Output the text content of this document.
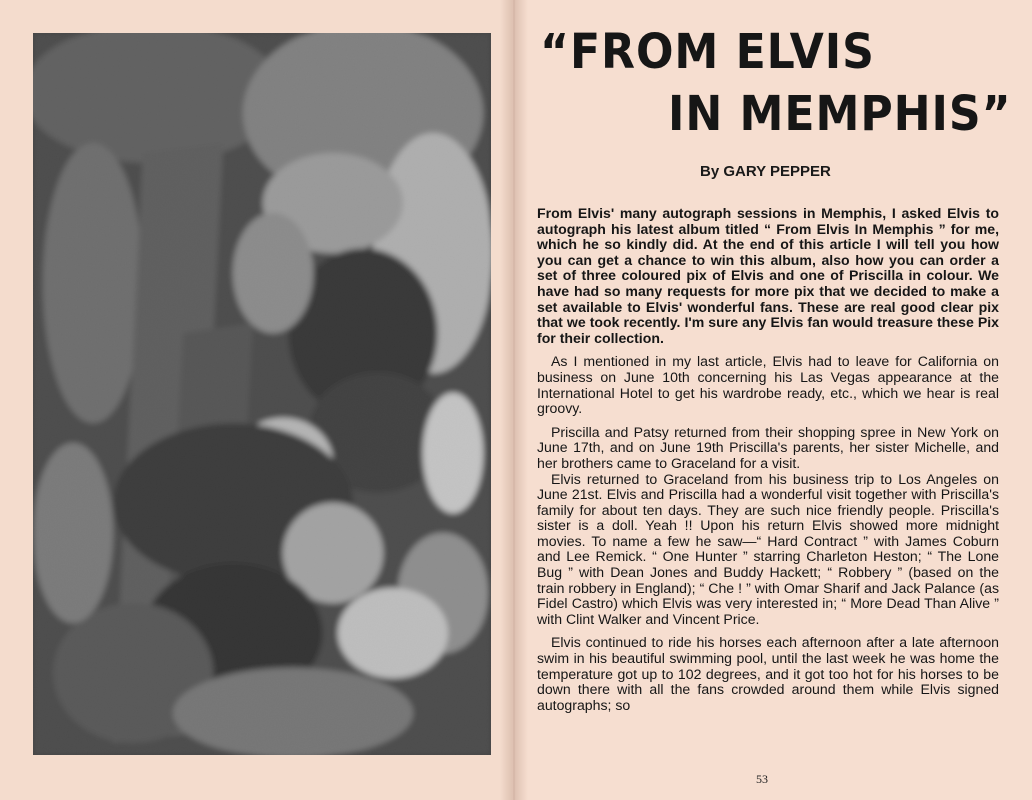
“FROM ELVIS
IN MEMPHIS”

By GARY PEPPER

From Elvis' many autograph sessions in Memphis, I asked Elvis to autograph his latest album titled “ From Elvis In Memphis ” for me, which he so kindly did. At the end of this article I will tell you how you can get a chance to win this album, also how you can order a set of three coloured pix of Elvis and one of Priscilla in colour. We have had so many requests for more pix that we decided to make a set available to Elvis' wonderful fans. These are real good clear pix that we took recently. I'm sure any Elvis fan would treasure these Pix for their collection.

As I mentioned in my last article, Elvis had to leave for California on business on June 10th concerning his Las Vegas appearance at the International Hotel to get his wardrobe ready, etc., which we hear is real groovy.

Priscilla and Patsy returned from their shopping spree in New York on June 17th, and on June 19th Priscilla's parents, her sister Michelle, and her brothers came to Graceland for a visit.

Elvis returned to Graceland from his business trip to Los Angeles on June 21st. Elvis and Priscilla had a wonderful visit together with Priscilla's family for about ten days. They are such nice friendly people. Priscilla's sister is a doll. Yeah !! Upon his return Elvis showed more midnight movies. To name a few he saw—“ Hard Contract ” with James Coburn and Lee Remick. “ One Hunter ” starring Charleton Heston; “ The Lone Bug ” with Dean Jones and Buddy Hackett; “ Robbery ” (based on the train robbery in England); “ Che ! ” with Omar Sharif and Jack Palance (as Fidel Castro) which Elvis was very interested in; “ More Dead Than Alive ” with Clint Walker and Vincent Price.

Elvis continued to ride his horses each afternoon after a late afternoon swim in his beautiful swimming pool, until the last week he was home the temperature got up to 102 degrees, and it got too hot for his horses to be down there with all the fans crowded around them while Elvis signed autographs; so

53
